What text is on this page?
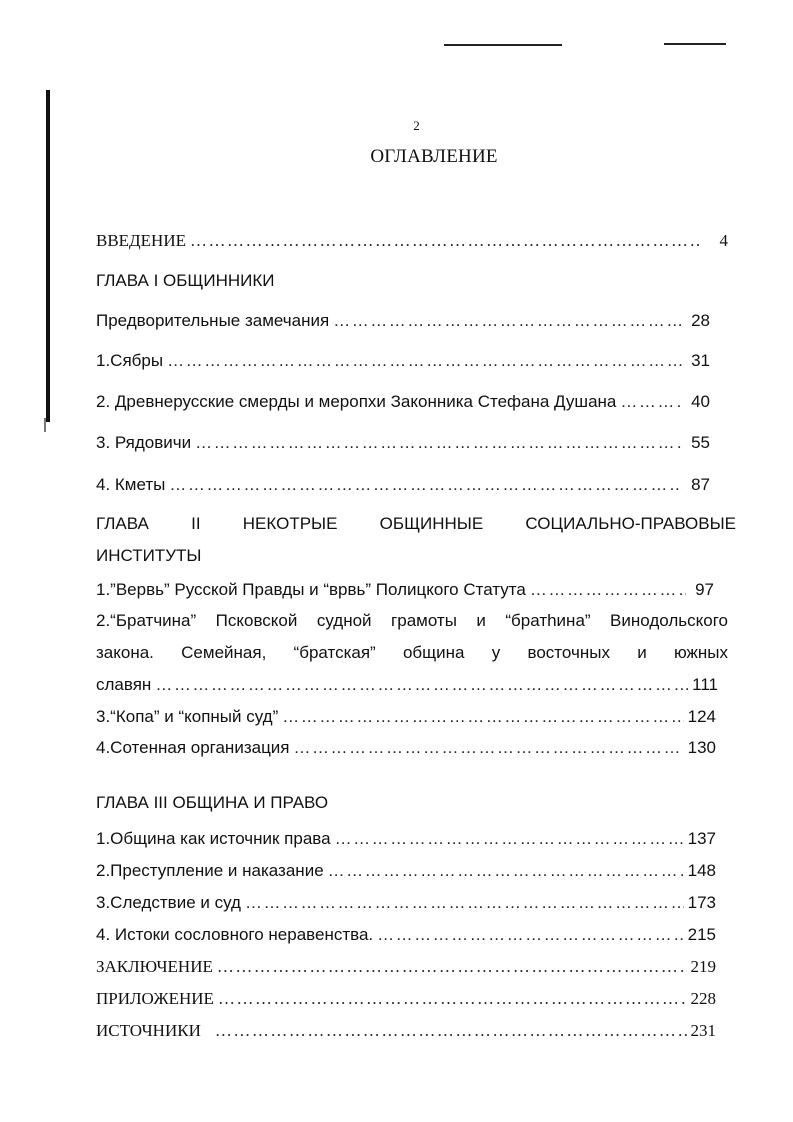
2
ОГЛАВЛЕНИЕ
ВВЕДЕНИЕ ……………………………………………………………………………………………………………………………………………………………………	4
ГЛАВА I ОБЩИННИКИ
Предворительные замечания ……………………………………………………………………………………………………………………………………………………………………	28
1.Сябры ……………………………………………………………………………………………………………………………………………………………………	31
2. Древнерусские смерды и меропхи Законника Стефана Душана ……………………………………………………………………………………………………………………………………………………………………	40
3. Рядовичи ……………………………………………………………………………………………………………………………………………………………………	55
4. Кметы ……………………………………………………………………………………………………………………………………………………………………	87
ГЛАВА II НЕКОТРЫЕ ОБЩИННЫЕ СОЦИАЛЬНО-ПРАВОВЫЕ
ИНСТИТУТЫ
1.”Вервь” Русской Правды и “врвь” Полицкого Статута ……………………………………………………………………………………………………………………………………………………………………	97
2.“Братчина” Псковской судной грамоты и “братhина” Винодольского
закона. Семейная, “братская” община у восточных и южных
славян ……………………………………………………………………………………………………………………………………………………………………	111
3.“Копа” и “копный суд” ……………………………………………………………………………………………………………………………………………………………………	124
4.Сотенная организация ……………………………………………………………………………………………………………………………………………………………………	130
ГЛАВА III ОБЩИНА И ПРАВО
1.Община как источник права ……………………………………………………………………………………………………………………………………………………………………	137
2.Преступление и наказание ……………………………………………………………………………………………………………………………………………………………………	148
3.Следствие и суд ……………………………………………………………………………………………………………………………………………………………………	173
4. Истоки сословного неравенства. ……………………………………………………………………………………………………………………………………………………………………	215
ЗАКЛЮЧЕНИЕ ……………………………………………………………………………………………………………………………………………………………………	219
ПРИЛОЖЕНИЕ ……………………………………………………………………………………………………………………………………………………………………	228
ИСТОЧНИКИ ……………………………………………………………………………………………………………………………………………………………………	231
